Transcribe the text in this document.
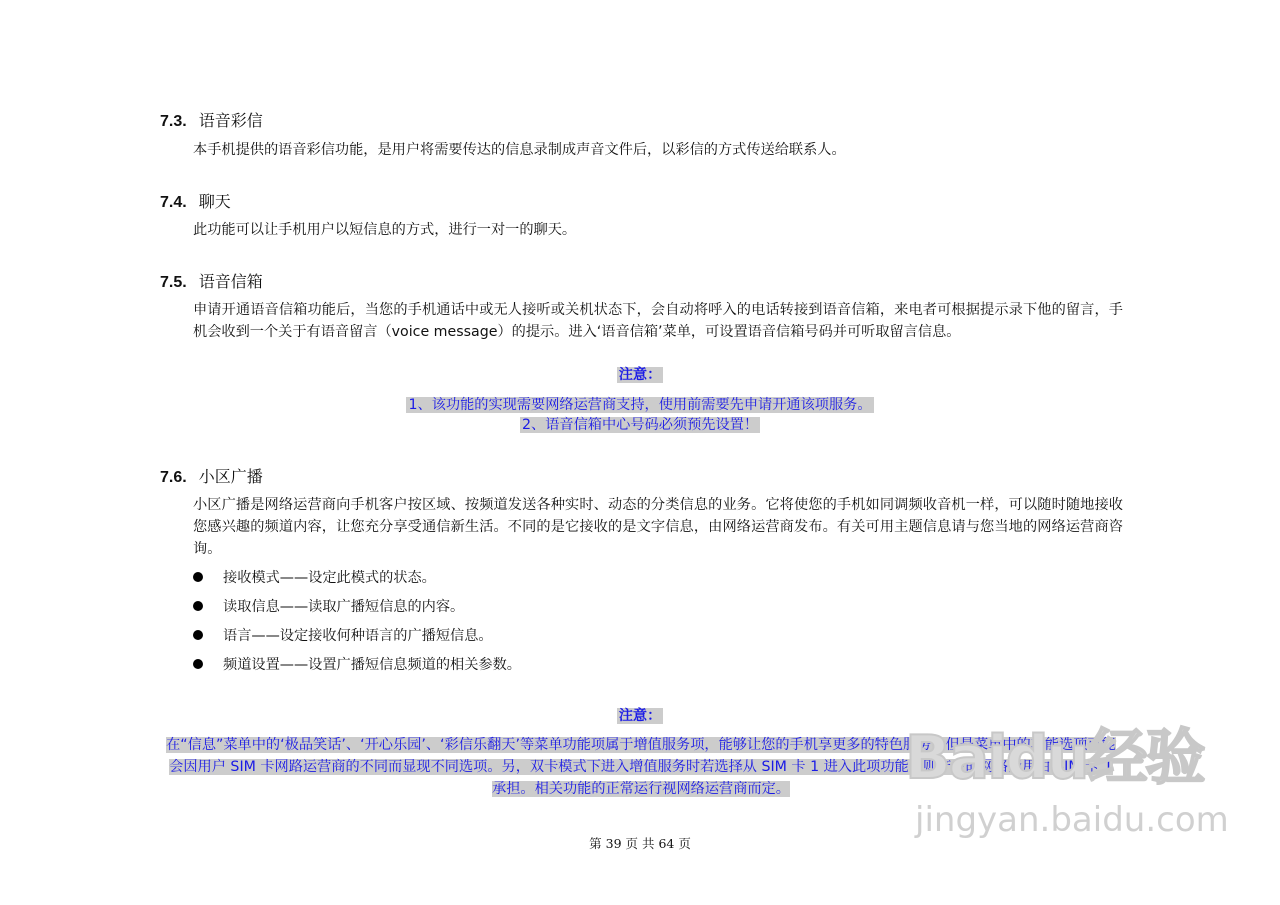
7.3. 语音彩信
本手机提供的语音彩信功能，是用户将需要传达的信息录制成声音文件后，以彩信的方式传送给联系人。
7.4. 聊天
此功能可以让手机用户以短信息的方式，进行一对一的聊天。
7.5. 语音信箱
申请开通语音信箱功能后，当您的手机通话中或无人接听或关机状态下，会自动将呼入的电话转接到语音信箱，来电者可根据提示录下他的留言，手机会收到一个关于有语音留言（voice message）的提示。进入‘语音信箱’菜单，可设置语音信箱号码并可听取留言信息。
注意：
1、该功能的实现需要网络运营商支持，使用前需要先申请开通该项服务。
2、语音信箱中心号码必须预先设置！
7.6. 小区广播
小区广播是网络运营商向手机客户按区域、按频道发送各种实时、动态的分类信息的业务。它将使您的手机如同调频收音机一样，可以随时随地接收您感兴趣的频道内容，让您充分享受通信新生活。不同的是它接收的是文字信息，由网络运营商发布。有关可用主题信息请与您当地的网络运营商咨询。
接收模式——设定此模式的状态。
读取信息——读取广播短信息的内容。
语言——设定接收何种语言的广播短信息。
频道设置——设置广播短信息频道的相关参数。
注意：
在“信息”菜单中的‘极品笑话’、‘开心乐园’、‘彩信乐翻天’等菜单功能项属于增值服务项，能够让您的手机享更多的特色服务，但是菜单中的功能选项可能会因用户 SIM 卡网路运营商的不同而显现不同选项。另，双卡模式下进入增值服务时若选择从 SIM 卡 1 进入此项功能，则产生的网络费用由 SIM 卡 1 承担。相关功能的正常运行视网络运营商而定。
第 39 页 共 64 页
Baidu经验
jingyan.baidu.com
